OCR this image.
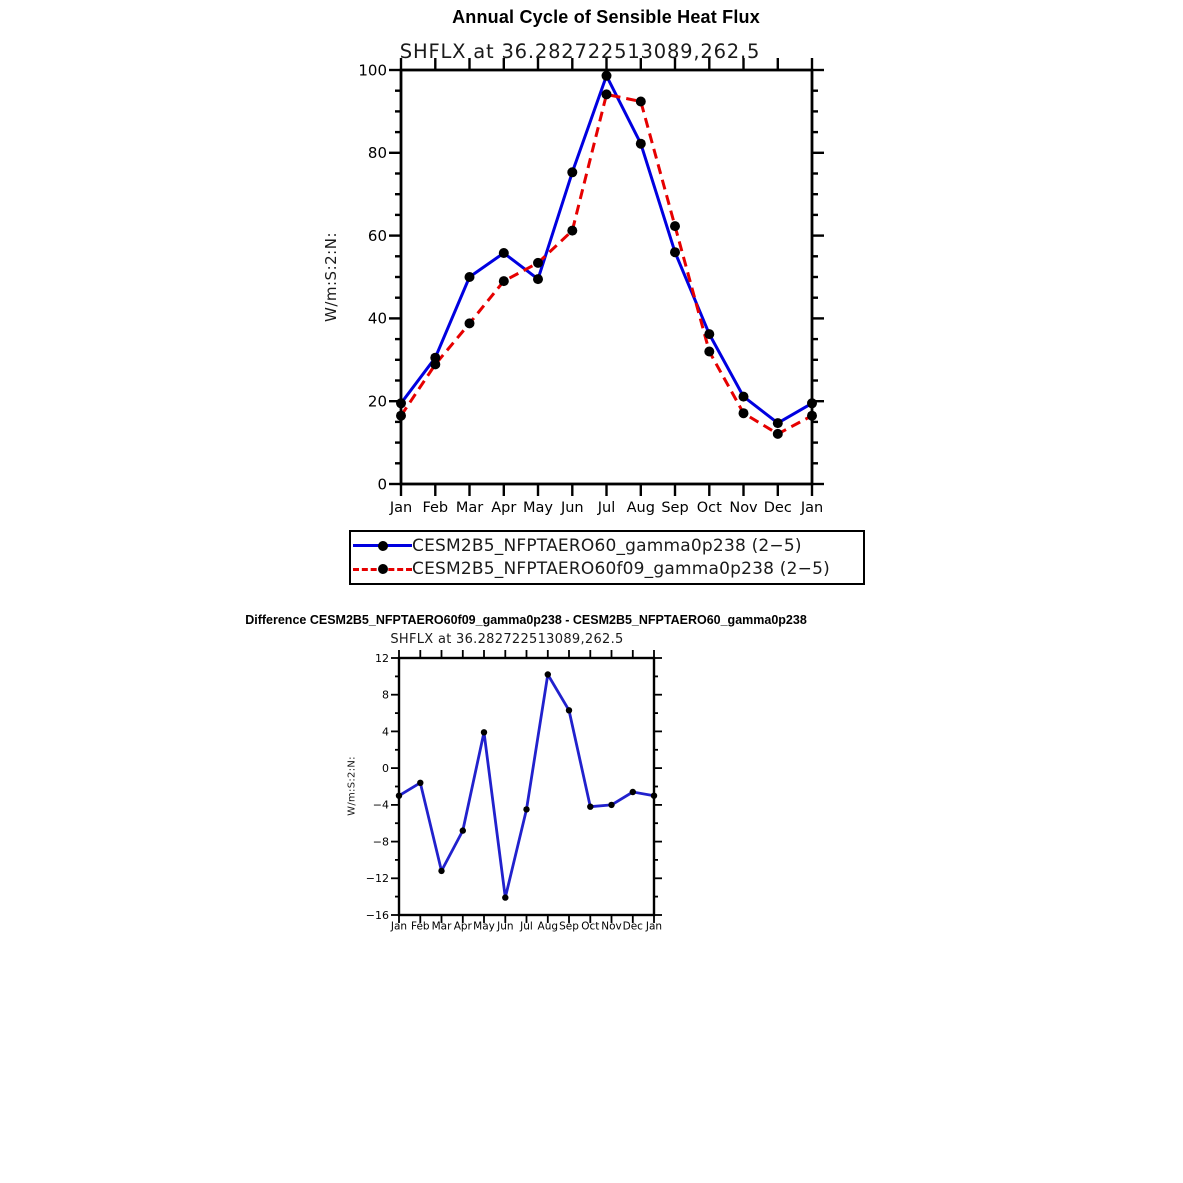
100
80
60
40
20
0
Jan Feb Mar Apr May Jun Jul Aug Sep Oct Nov Dec Jan
12
8
4
0
−4
−8
−12
−16
Jan Feb Mar Apr May Jun Jul Aug Sep Oct Nov Dec Jan
Annual Cycle of Sensible Heat Flux
SHFLX at 36.282722513089,262.5
W/m:S:2:N:
CESM2B5_NFPTAERO60_gamma0p238 (2−5)
CESM2B5_NFPTAERO60f09_gamma0p238 (2−5)
Difference CESM2B5_NFPTAERO60f09_gamma0p238 - CESM2B5_NFPTAERO60_gamma0p238
SHFLX at 36.282722513089,262.5
W/m:S:2:N:
